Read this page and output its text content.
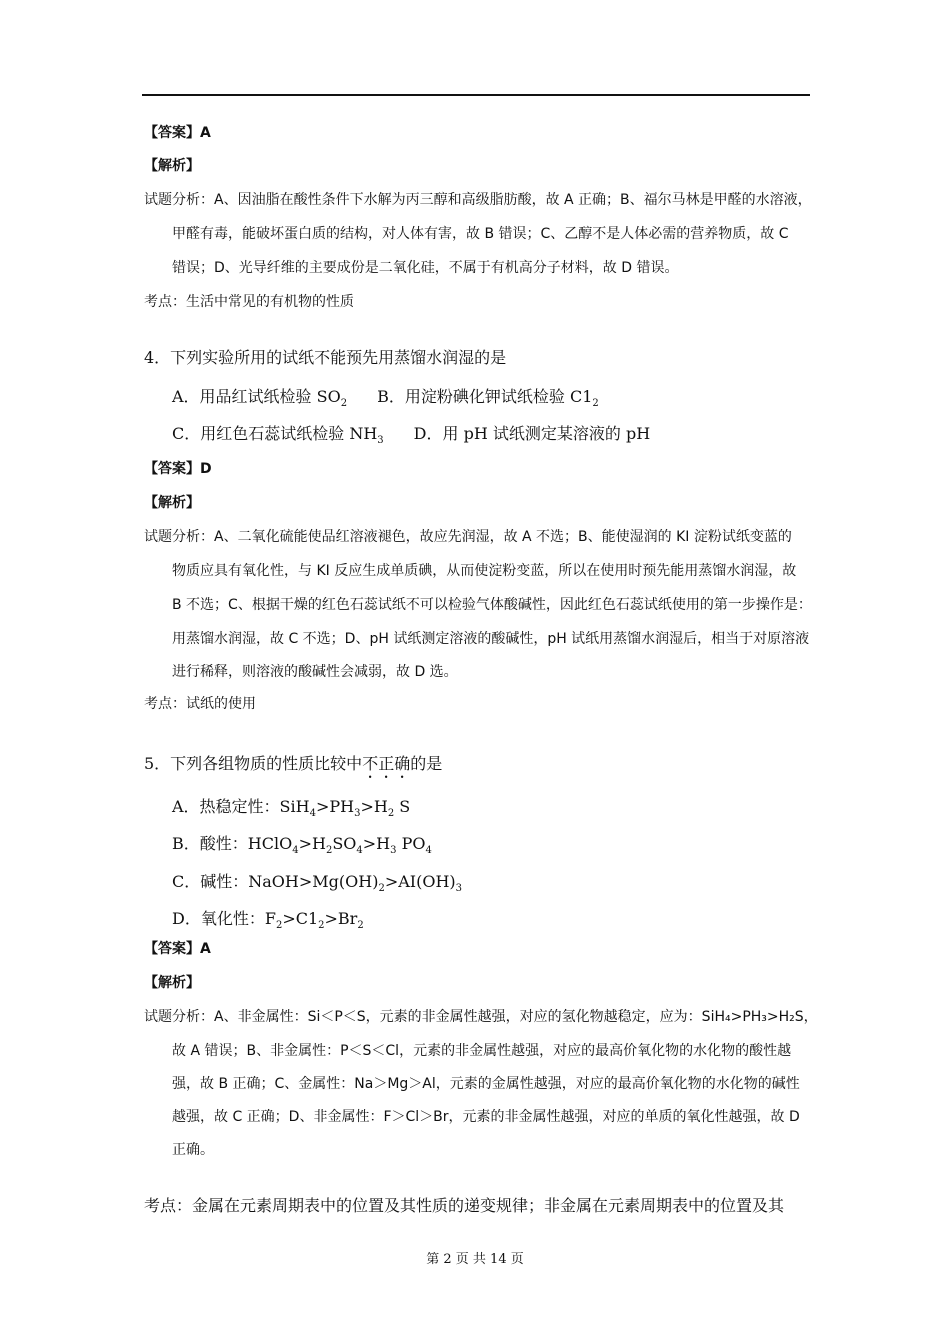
【答案】A
【解析】
试题分析：A、因油脂在酸性条件下水解为丙三醇和高级脂肪酸，故 A 正确；B、福尔马林是甲醛的水溶液，
甲醛有毒，能破坏蛋白质的结构，对人体有害，故 B 错误；C、乙醇不是人体必需的营养物质，故 C
错误；D、光导纤维的主要成份是二氧化硅，不属于有机高分子材料，故 D 错误。
考点：生活中常见的有机物的性质
4．下列实验所用的试纸不能预先用蒸馏水润湿的是
A．用品红试纸检验 $SO_2$ B．用淀粉碘化钾试纸检验 $C1_2$
C．用红色石蕊试纸检验 $NH_3$ D．用 pH 试纸测定某溶液的 pH
【答案】D
【解析】
试题分析：A、二氧化硫能使品红溶液褪色，故应先润湿，故 A 不选；B、能使湿润的 KI 淀粉试纸变蓝的
物质应具有氧化性，与 KI 反应生成单质碘，从而使淀粉变蓝，所以在使用时预先能用蒸馏水润湿，故
B 不选；C、根据干燥的红色石蕊试纸不可以检验气体酸碱性，因此红色石蕊试纸使用的第一步操作是：
用蒸馏水润湿，故 C 不选；D、pH 试纸测定溶液的酸碱性，pH 试纸用蒸馏水润湿后，相当于对原溶液
进行稀释，则溶液的酸碱性会减弱，故 D 选。
考点：试纸的使用
5．下列各组物质的性质比较中不正确的是
A．热稳定性：$SiH_4>PH_3>H_2$ S
B．酸性：$HClO_4>H_2SO_4>H_3$ $PO_4$
C．碱性：$NaOH>Mg(OH)_2>AI(OH)_3$
D．氧化性：$F_2>C1_2>Br_2$
【答案】A
【解析】
试题分析：A、非金属性：Si＜P＜S，元素的非金属性越强，对应的氢化物越稳定，应为：SiH₄>PH₃>H₂S，
故 A 错误；B、非金属性：P＜S＜Cl，元素的非金属性越强，对应的最高价氧化物的水化物的酸性越
强，故 B 正确；C、金属性：Na＞Mg＞Al，元素的金属性越强，对应的最高价氧化物的水化物的碱性
越强，故 C 正确；D、非金属性：F＞Cl＞Br，元素的非金属性越强，对应的单质的氧化性越强，故 D
正确。
考点：金属在元素周期表中的位置及其性质的递变规律；非金属在元素周期表中的位置及其
第 2 页 共 14 页
